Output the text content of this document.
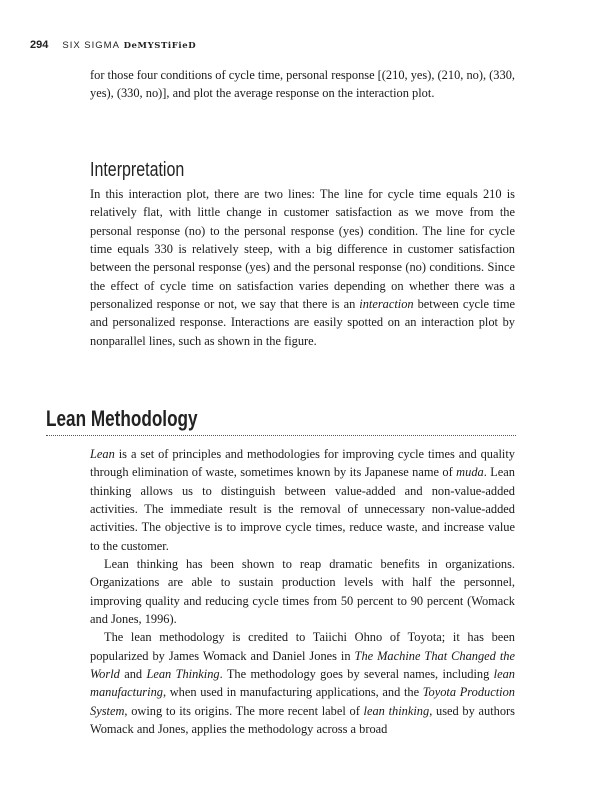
294 SIX SIGMA DeMYSTiFieD

for those four conditions of cycle time, personal response [(210, yes), (210, no), (330, yes), (330, no)], and plot the average response on the interaction plot.

Interpretation

In this interaction plot, there are two lines: The line for cycle time equals 210 is relatively flat, with little change in customer satisfaction as we move from the personal response (no) to the personal response (yes) condition. The line for cycle time equals 330 is relatively steep, with a big difference in customer satisfaction between the personal response (yes) and the personal response (no) conditions. Since the effect of cycle time on satisfaction varies depending on whether there was a personalized response or not, we say that there is an interaction between cycle time and personalized response. Interactions are easily spotted on an interaction plot by nonparallel lines, such as shown in the figure.

Lean Methodology

Lean is a set of principles and methodologies for improving cycle times and quality through elimination of waste, sometimes known by its Japanese name of muda. Lean thinking allows us to distinguish between value-added and non-value-added activities. The immediate result is the removal of unnecessary non-value-added activities. The objective is to improve cycle times, reduce waste, and increase value to the customer.

Lean thinking has been shown to reap dramatic benefits in organizations. Organizations are able to sustain production levels with half the personnel, improving quality and reducing cycle times from 50 percent to 90 percent (Womack and Jones, 1996).

The lean methodology is credited to Taiichi Ohno of Toyota; it has been popularized by James Womack and Daniel Jones in The Machine That Changed the World and Lean Thinking. The methodology goes by several names, including lean manufacturing, when used in manufacturing applications, and the Toyota Production System, owing to its origins. The more recent label of lean thinking, used by authors Womack and Jones, applies the methodology across a broad
